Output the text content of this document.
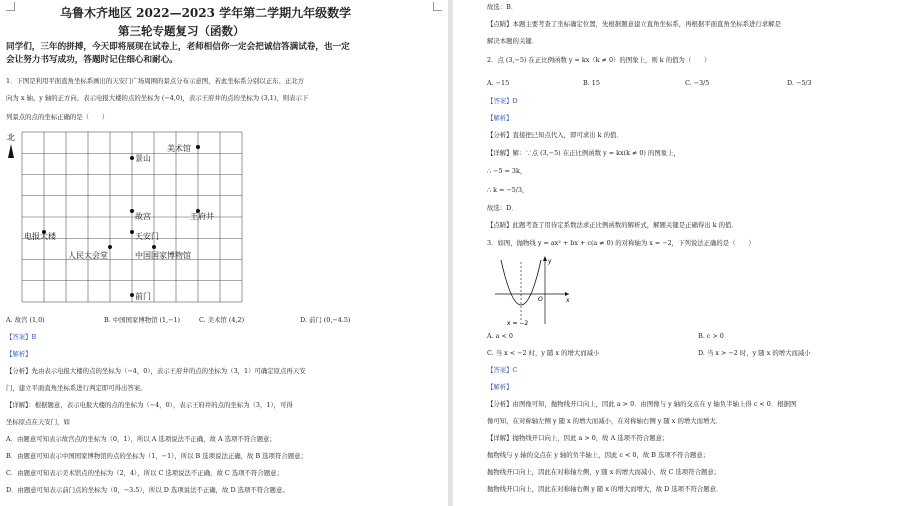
乌鲁木齐地区 2022—2023 学年第二学期九年级数学
第三轮专题复习（函数）
同学们，三年的拼搏，今天即将展现在试卷上，老师相信你一定会把诚信答满试卷，也一定
会让努力书写成功，答题时记住细心和耐心。
1．下图是利用平面直角坐标系画出的天安门广场周围的景点分布示意图，若此坐标系分别以正东、正北方
向为 x 轴、y 轴的正方向，表示电报大楼的点的坐标为 (−4,0)，表示王府井的点的坐标为 (3,1)，则表示下
列景点的点的坐标正确的是（　　）
北
景山
美术馆
故宫	王府井
电报大楼	天安门
人民大会堂	中国国家博物馆
前门
A. 故宫 (1,0)	B. 中国国家博物馆 (1,−1)	C. 美术馆 (4,2)	D. 前门 (0,−4.5)
【答案】B
【解析】
【分析】先由表示电报大楼的点的坐标为（−4，0），表示王府井的点的坐标为（3，1）可确定原点再天安
门，建立平面直角坐标系进行判定即可得出答案。
【详解】：根据题意，表示电报大楼的点的坐标为（−4，0），表示王府井的点的坐标为（3，1），可得
坐标原点在天安门，如
A．由题意可知表示故宫点的坐标为（0，1），所以 A 选项说法不正确，故 A 选项不符合题意；
B．由题意可知表示中国国家博物馆的点的坐标为（1，−1），所以 B 选项说法正确，故 B 选项符合题意；
C．由题意可知表示美术馆点的坐标为（2，4），所以 C 选项说法不正确，故 C 选项不符合题意；
D．由题意可知表示前门点的坐标为（0，−3.5），所以 D 选项说法不正确，故 D 选项不符合题意。
故选：B．
【点睛】本题主要考查了坐标确定位置，先根据题意建立直角坐标系，再根据平面直角坐标系进行求解是
解决本题的关键．
2．点 (3,−5) 在正比例函数 y = kx（k ≠ 0）的图象上，则 k 的值为（　　）
A. −15	B. 15	C. −3/5	D. −5/3
【答案】D
【解析】
【分析】直接把已知点代入，即可求出 k 的值．
【详解】解：∵点 (3,−5) 在正比例函数 y = kx(k ≠ 0) 的图象上，
∴ −5 = 3k，
∴ k = −5/3，
故选：D．
【点睛】此题考查了用待定系数法求正比例函数的解析式，解题关键是正确得出 k 的值．
3．如图，抛物线 y = ax² + bx + c(a ≠ 0) 的对称轴为 x = −2，下列说法正确的是（　　）
y
x
O
x = −2
A. a < 0	B. c > 0
C. 当 x < −2 时，y 随 x 的增大而减小	D. 当 x > −2 时，y 随 x 的增大而减小
【答案】C
【解析】
【分析】由图像可知，抛物线开口向上，因此 a > 0．由图像与 y 轴的交点在 y 轴负半轴上得 c < 0．根据图
像可知，在对称轴左侧 y 随 x 的增大而减小，在对称轴右侧 y 随 x 的增大而增大．
【详解】抛物线开口向上，因此 a > 0，故 A 选项不符合题意；
抛物线与 y 轴的交点在 y 轴的负半轴上，因此 c < 0，故 B 选项不符合题意；
抛物线开口向上，因此在对称轴左侧，y 随 x 的增大而减小，故 C 选项符合题意；
抛物线开口向上，因此在对称轴右侧 y 随 x 的增大而增大，故 D 选项不符合题意．
